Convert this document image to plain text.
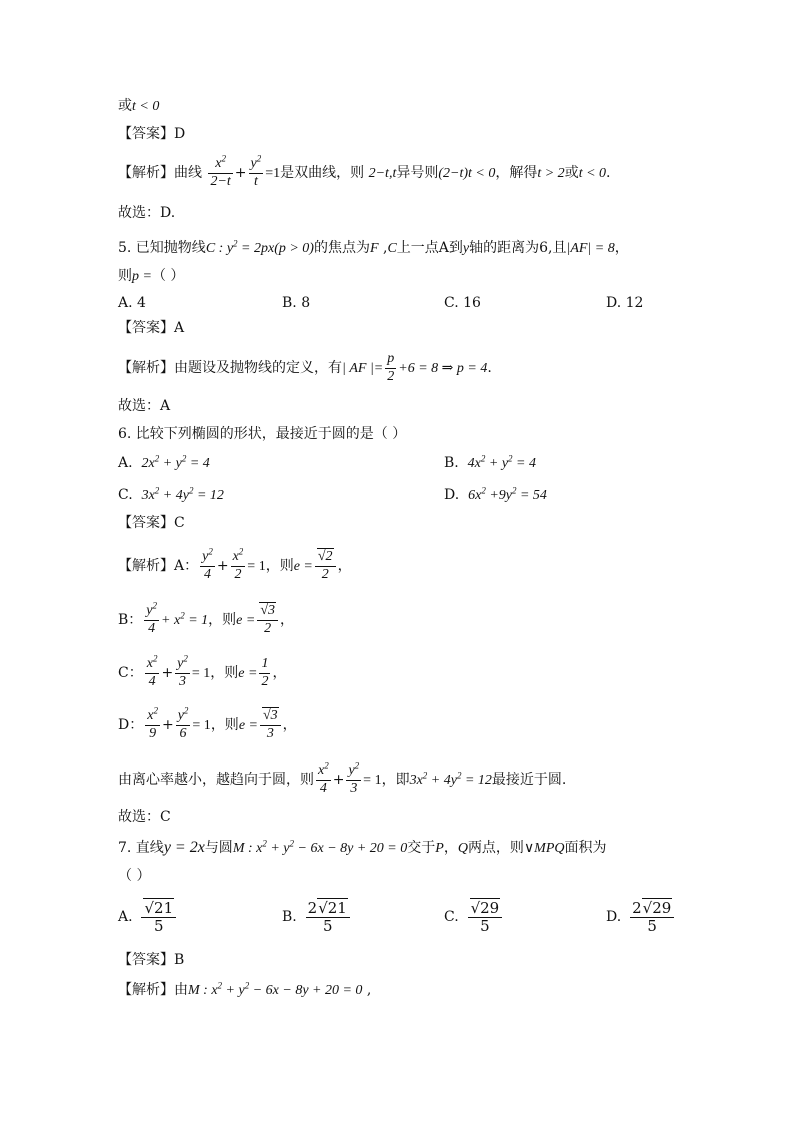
或t < 0
【答案】D
【解析】曲线 $\frac{x^2}{2-t} + \frac{y^2}{t} =1$是双曲线，则 2−t,t异号则(2−t)t < 0，解得t > 2或t < 0.
故选：D.
5. 已知抛物线C : $y^2 = 2px(p > 0)$的焦点为F ,C上一点A到y轴的距离为6,且|AF| = 8，
则p =（ ）
A. 4	B. 8	C. 16	D. 12
【答案】A
【解析】由题设及抛物线的定义，有| AF |= $\frac{p}{2} +6 = 8$ ⇒ p = 4.
故选：A
6. 比较下列椭圆的形状，最接近于圆的是（ ）
A. $2x^2 + y^2 = 4$	B. $4x^2 + y^2 = 4$
C. $3x^2 + 4y^2 = 12$	D. $6x^2 +9y^2 = 54$
【答案】C
【解析】A： $\frac{y^2}{4} + \frac{x^2}{2} = 1$，则$e = \frac{√2}{2}$ ，
B： $\frac{y^2}{4} + x^2 = 1$，则$e = \frac{√3}{2}$ ，
C： $\frac{x^2}{4} + \frac{y^2}{3} = 1$，则$e = \frac{1}{2}$ ，
D： $\frac{x^2}{9} + \frac{y^2}{6} = 1$，则$e = \frac{√3}{3}$ ，
由离心率越小，越趋向于圆，则 $\frac{x^2}{4} + \frac{y^2}{3} = 1$，即$3x^2 + 4y^2 = 12$最接近于圆.
故选：C
7. 直线y = 2x与圆M : $x^2 + y^2 - 6x - 8y + 20 = 0$交于P，Q两点，则∨MPQ面积为
（ ）
A. $\frac{√21}{5}$	B. $\frac{2√21}{5}$	C. $\frac{√29}{5}$	D. $\frac{2√29}{5}$
【答案】B
【解析】由M : $x^2 + y^2 - 6x - 8y + 20 = 0$ ,
